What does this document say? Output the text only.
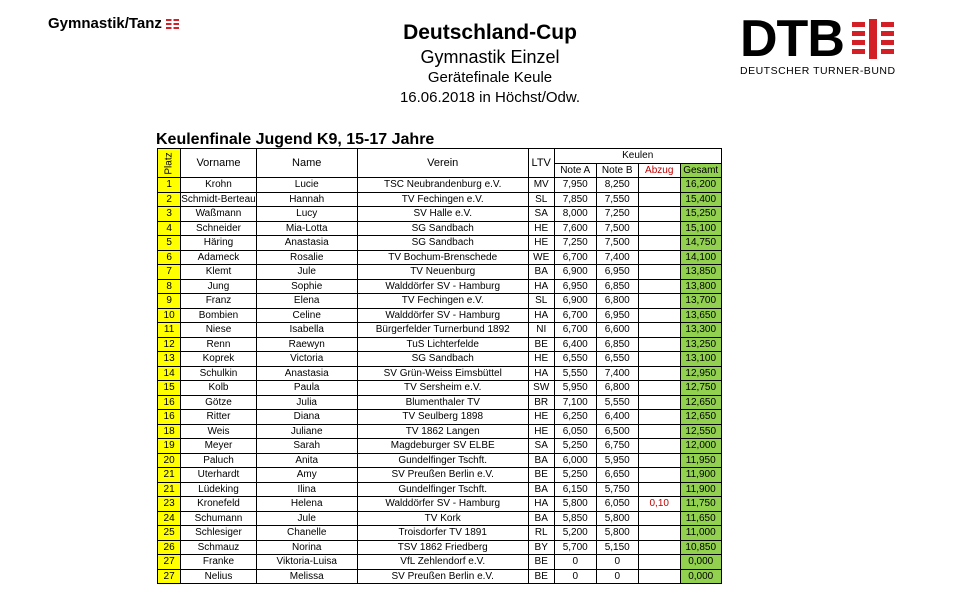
Gymnastik/Tanz	Deutschland-Cup
Gymnastik Einzel
Gerätefinale Keule
16.06.2018 in Höchst/Odw.
DTB
DEUTSCHER TURNER-BUND
Keulenfinale Jugend K9, 15-17 Jahre
Platz	Vorname	Name	Verein	LTV	Keulen			
					Note A	Note B	Abzug	Gesamt
1	Krohn	Lucie	TSC Neubrandenburg e.V.	MV	7,950	8,250		16,200
2	Schmidt-Berteau	Hannah	TV Fechingen e.V.	SL	7,850	7,550		15,400
3	Waßmann	Lucy	SV Halle e.V.	SA	8,000	7,250		15,250
4	Schneider	Mia-Lotta	SG Sandbach	HE	7,600	7,500		15,100
5	Häring	Anastasia	SG Sandbach	HE	7,250	7,500		14,750
6	Adameck	Rosalie	TV Bochum-Brenschede	WE	6,700	7,400		14,100
7	Klemt	Jule	TV Neuenburg	BA	6,900	6,950		13,850
8	Jung	Sophie	Walddörfer SV - Hamburg	HA	6,950	6,850		13,800
9	Franz	Elena	TV Fechingen e.V.	SL	6,900	6,800		13,700
10	Bombien	Celine	Walddörfer SV - Hamburg	HA	6,700	6,950		13,650
11	Niese	Isabella	Bürgerfelder Turnerbund 1892	NI	6,700	6,600		13,300
12	Renn	Raewyn	TuS Lichterfelde	BE	6,400	6,850		13,250
13	Koprek	Victoria	SG Sandbach	HE	6,550	6,550		13,100
14	Schulkin	Anastasia	SV Grün-Weiss Eimsbüttel	HA	5,550	7,400		12,950
15	Kolb	Paula	TV Sersheim e.V.	SW	5,950	6,800		12,750
16	Götze	Julia	Blumenthaler TV	BR	7,100	5,550		12,650
16	Ritter	Diana	TV Seulberg 1898	HE	6,250	6,400		12,650
18	Weis	Juliane	TV 1862 Langen	HE	6,050	6,500		12,550
19	Meyer	Sarah	Magdeburger SV ELBE	SA	5,250	6,750		12,000
20	Paluch	Anita	Gundelfinger Tschft.	BA	6,000	5,950		11,950
21	Uterhardt	Amy	SV Preußen Berlin e.V.	BE	5,250	6,650		11,900
21	Lüdeking	Ilina	Gundelfinger Tschft.	BA	6,150	5,750		11,900
23	Kronefeld	Helena	Walddörfer SV - Hamburg	HA	5,800	6,050	0,10	11,750
24	Schumann	Jule	TV Kork	BA	5,850	5,800		11,650
25	Schlesiger	Chanelle	Troisdorfer TV 1891	RL	5,200	5,800		11,000
26	Schmauz	Norina	TSV 1862 Friedberg	BY	5,700	5,150		10,850
27	Franke	Viktoria-Luisa	VfL Zehlendorf e.V.	BE	0	0		0,000
27	Nelius	Melissa	SV Preußen Berlin e.V.	BE	0	0		0,000
